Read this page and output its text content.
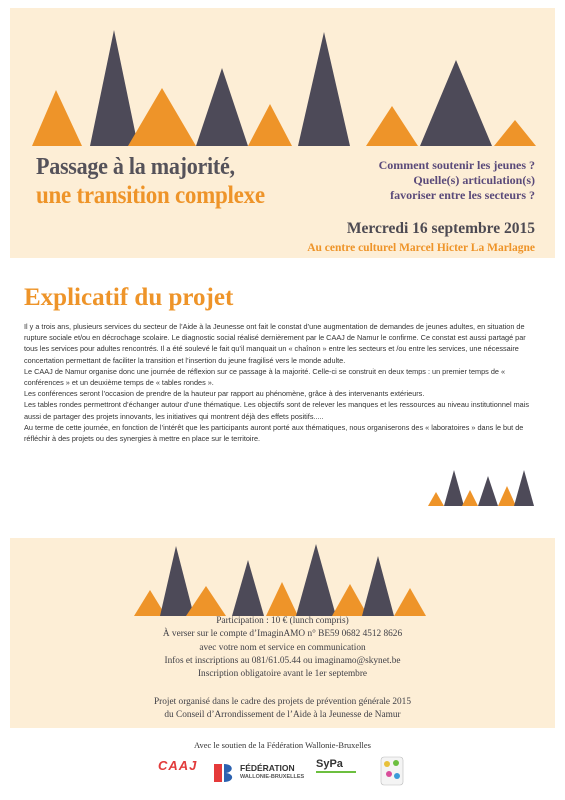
Passage à la majorité,
une transition complexe
Comment soutenir les jeunes ?
Quelle(s) articulation(s)
favoriser entre les secteurs ?
Mercredi 16 septembre 2015
Au centre culturel Marcel Hicter La Marlagne
Explicatif du projet

Il y a trois ans, plusieurs services du secteur de l’Aide à la Jeunesse ont fait le constat d’une augmentation de demandes de jeunes adultes, en situation de rupture sociale et/ou en décrochage scolaire. Le diagnostic social réalisé dernièrement par le CAAJ de Namur le confirme. Ce constat est aussi partagé par tous les services pour adultes rencontrés. Il a été soulevé le fait qu’il manquait un « chaînon » entre les secteurs et /ou entre les services, une nécessaire concertation permettant de faciliter la transition et l’insertion du jeune fragilisé vers le monde adulte.

Le CAAJ de Namur organise donc une journée de réflexion sur ce passage à la majorité. Celle-ci se construit en deux temps : un premier temps de « conférences » et un deuxième temps de « tables rondes ».

Les conférences seront l’occasion de prendre de la hauteur par rapport au phénomène, grâce à des intervenants extérieurs.

Les tables rondes permettront d’échanger autour d’une thématique. Les objectifs sont de relever les manques et les ressources au niveau institutionnel mais aussi de partager des projets innovants, les initiatives qui montrent déjà des effets positifs.....

Au terme de cette journée, en fonction de l’intérêt que les participants auront porté aux thématiques, nous organiserons des « laboratoires » dans le but de réfléchir à des projets ou des synergies à mettre en place sur le territoire.

Participation : 10 € (lunch compris)
À verser sur le compte d’ImaginAMO n° BE59 0682 4512 8626
avec votre nom et service en communication
Infos et inscriptions au 081/61.05.44 ou imaginamo@skynet.be
Inscription obligatoire avant le 1er septembre
Projet organisé dans le cadre des projets de prévention générale 2015
du Conseil d’Arrondissement de l’Aide à la Jeunesse de Namur
Avec le soutien de la Fédération Wallonie-Bruxelles
CAAJ	FÉDÉRATION
WALLONIE-BRUXELLES
SyPa
